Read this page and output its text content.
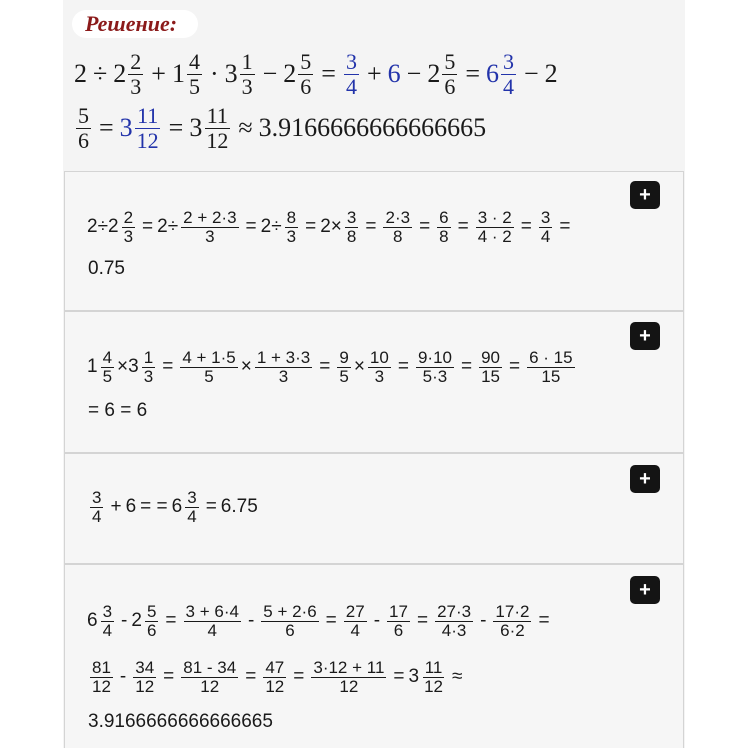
Решение:
$2 \div 2 \frac{2}{3} + 1 \frac{4}{5} \cdot 3 \frac{1}{3} - 2 \frac{5}{6} = \frac{3}{4} + 6 - 2 \frac{5}{6} = 6 \frac{3}{4} - 2$
$\frac{5}{6} = 3 \frac{11}{12} = 3 \frac{11}{12} \approx 3.9166666666666665$
+
$2\div 2 \frac{2}{3} = 2\div \frac{2 + 2\cdot 3}{3} = 2\div \frac{8}{3} = 2\times \frac{3}{8} = \frac{2\cdot 3}{8} = \frac{6}{8} = \frac{3 \cdot 2}{4 \cdot 2} = \frac{3}{4}$ =
0.75
+
$1 \frac{4}{5} \times 3 \frac{1}{3} = \frac{4 + 1\cdot 5}{5} \times \frac{1 + 3\cdot 3}{3} = \frac{9}{5} \times \frac{10}{3} = \frac{9\cdot 10}{5\cdot 3} = \frac{90}{15} = \frac{6 \cdot 15}{15}$
= 6 = 6
+
$\frac{3}{4} + 6$ = = $6 \frac{3}{4} = 6.75$
+
$6 \frac{3}{4} - 2 \frac{5}{6} = \frac{3 + 6\cdot 4}{4} - \frac{5 + 2\cdot 6}{6} = \frac{27}{4} - \frac{17}{6} = \frac{27\cdot 3}{4\cdot 3} - \frac{17\cdot 2}{6\cdot 2}$ =
$\frac{81}{12} - \frac{34}{12} = \frac{81 - 34}{12} = \frac{47}{12} = \frac{3\cdot 12 + 11}{12} = 3 \frac{11}{12}$ ≈
3.9166666666666665
